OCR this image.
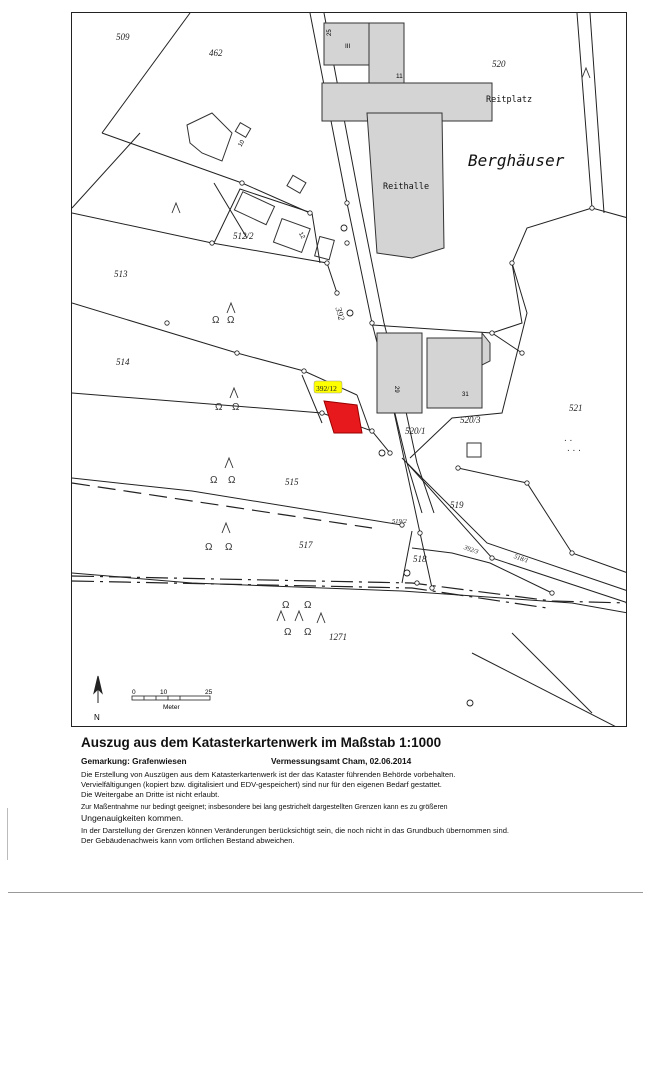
Ω Ω
Ω Ω
Ω Ω
Ω Ω
Ω Ω
Ω Ω
. .
. . .
509
462
520
513
512/2
514
392
392/12
520/1
520/3
521
515
519
519/2
517
518
392/3
518/1
1271
Berghäuser
Reitplatz
Reithalle
25
III
11
10
12
29
31
N
0	10	25
Meter

Auszug aus dem Katasterkartenwerk im Maßstab 1:1000

Gemarkung: Grafenwiesen	Vermessungsamt Cham, 02.06.2014

Die Erstellung von Auszügen aus dem Katasterkartenwerk ist der das Kataster führenden Behörde vorbehalten.

Vervielfältigungen (kopiert bzw. digitalisiert und EDV-gespeichert) sind nur für den eigenen Bedarf gestattet.

Die Weitergabe an Dritte ist nicht erlaubt.

Zur Maßentnahme nur bedingt geeignet; insbesondere bei lang gestrichelt dargestellten Grenzen kann es zu größeren

Ungenauigkeiten kommen.

In der Darstellung der Grenzen können Veränderungen berücksichtigt sein, die noch nicht in das Grundbuch übernommen sind.

Der Gebäudenachweis kann vom örtlichen Bestand abweichen.
